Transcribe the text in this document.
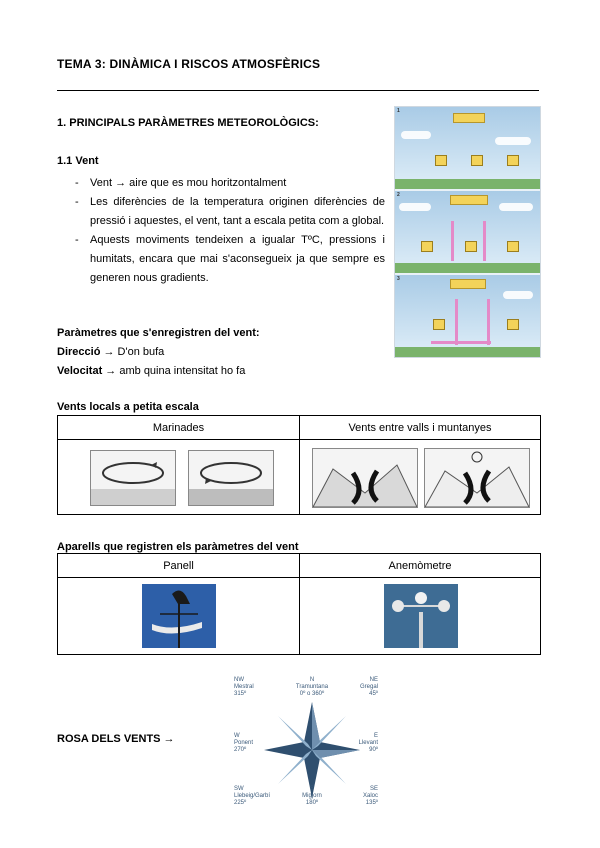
TEMA 3: DINÀMICA I RISCOS ATMOSFÈRICS
1. PRINCIPALS PARÀMETRES METEOROLÒGICS:
1.1 Vent
- Vent → aire que es mou horitzontalment
- Les diferències de la temperatura originen diferències de pressió i aquestes, el vent, tant a escala petita com a global.
- Aquests moviments tendeixen a igualar TºC, pressions i humitats, encara que mai s'aconsegueix ja que sempre es generen nous gradients.
Paràmetres que s'enregistren del vent:
Direcció → D'on bufa
Velocitat → amb quina intensitat ho fa
1
2
3
Vents locals a petita escala
Marinades	Vents entre valls i muntanyes

Aparells que registren els paràmetres del vent
Panell	Anemòmetre

ROSA DELS VENTS →
NW
Mestral
315º
N
Tramuntana
0º o 360º
NE
Gregal
45º
W
Ponent
270º
E
Llevant
90º
SW
Llebeig/Garbí
225º
S
Migjorn
180º
SE
Xaloc
135º
